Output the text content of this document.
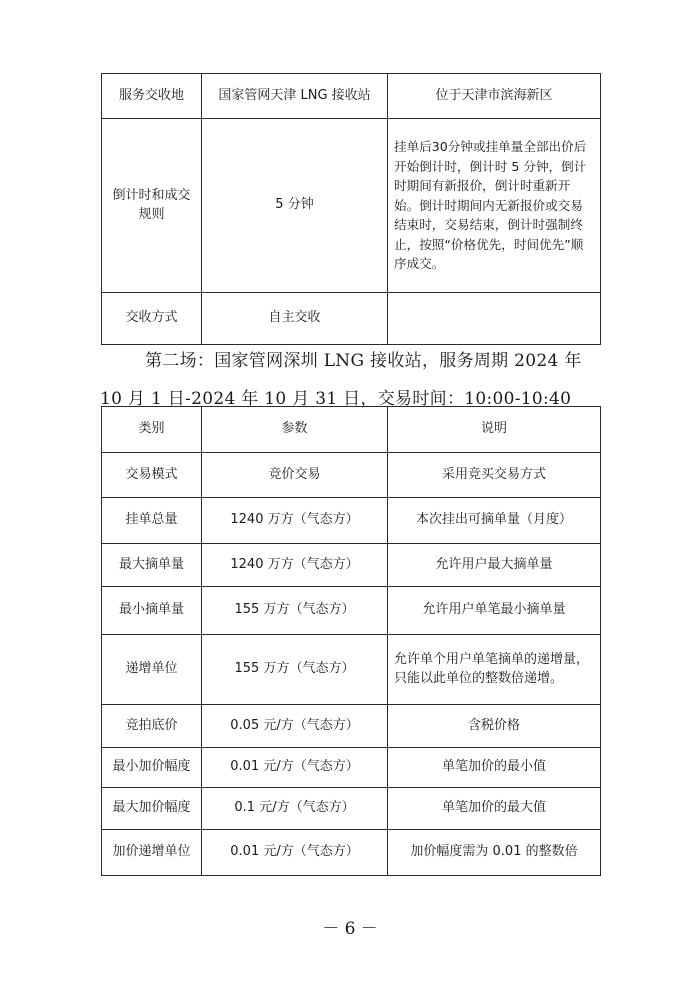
服务交收地	国家管网天津 LNG 接收站	位于天津市滨海新区
倒计时和成交规则	5 分钟	挂单后30分钟或挂单量全部出价后开始倒计时，倒计时 5 分钟，倒计时期间有新报价，倒计时重新开始。倒计时期间内无新报价或交易结束时，交易结束，倒计时强制终止，按照“价格优先，时间优先”顺序成交。
交收方式	自主交收	

第二场：国家管网深圳 LNG 接收站，服务周期 2024 年

10 月 1 日-2024 年 10 月 31 日，交易时间：10:00-10:40

类别	参数	说明
交易模式	竞价交易	采用竞买交易方式
挂单总量	1240 万方（气态方）	本次挂出可摘单量（月度）
最大摘单量	1240 万方（气态方）	允许用户最大摘单量
最小摘单量	155 万方（气态方）	允许用户单笔最小摘单量
递增单位	155 万方（气态方）	允许单个用户单笔摘单的递增量，只能以此单位的整数倍递增。
竞拍底价	0.05 元/方（气态方）	含税价格
最小加价幅度	0.01 元/方（气态方）	单笔加价的最小值
最大加价幅度	0.1 元/方（气态方）	单笔加价的最大值
加价递增单位	0.01 元/方（气态方）	加价幅度需为 0.01 的整数倍
－ 6 －
